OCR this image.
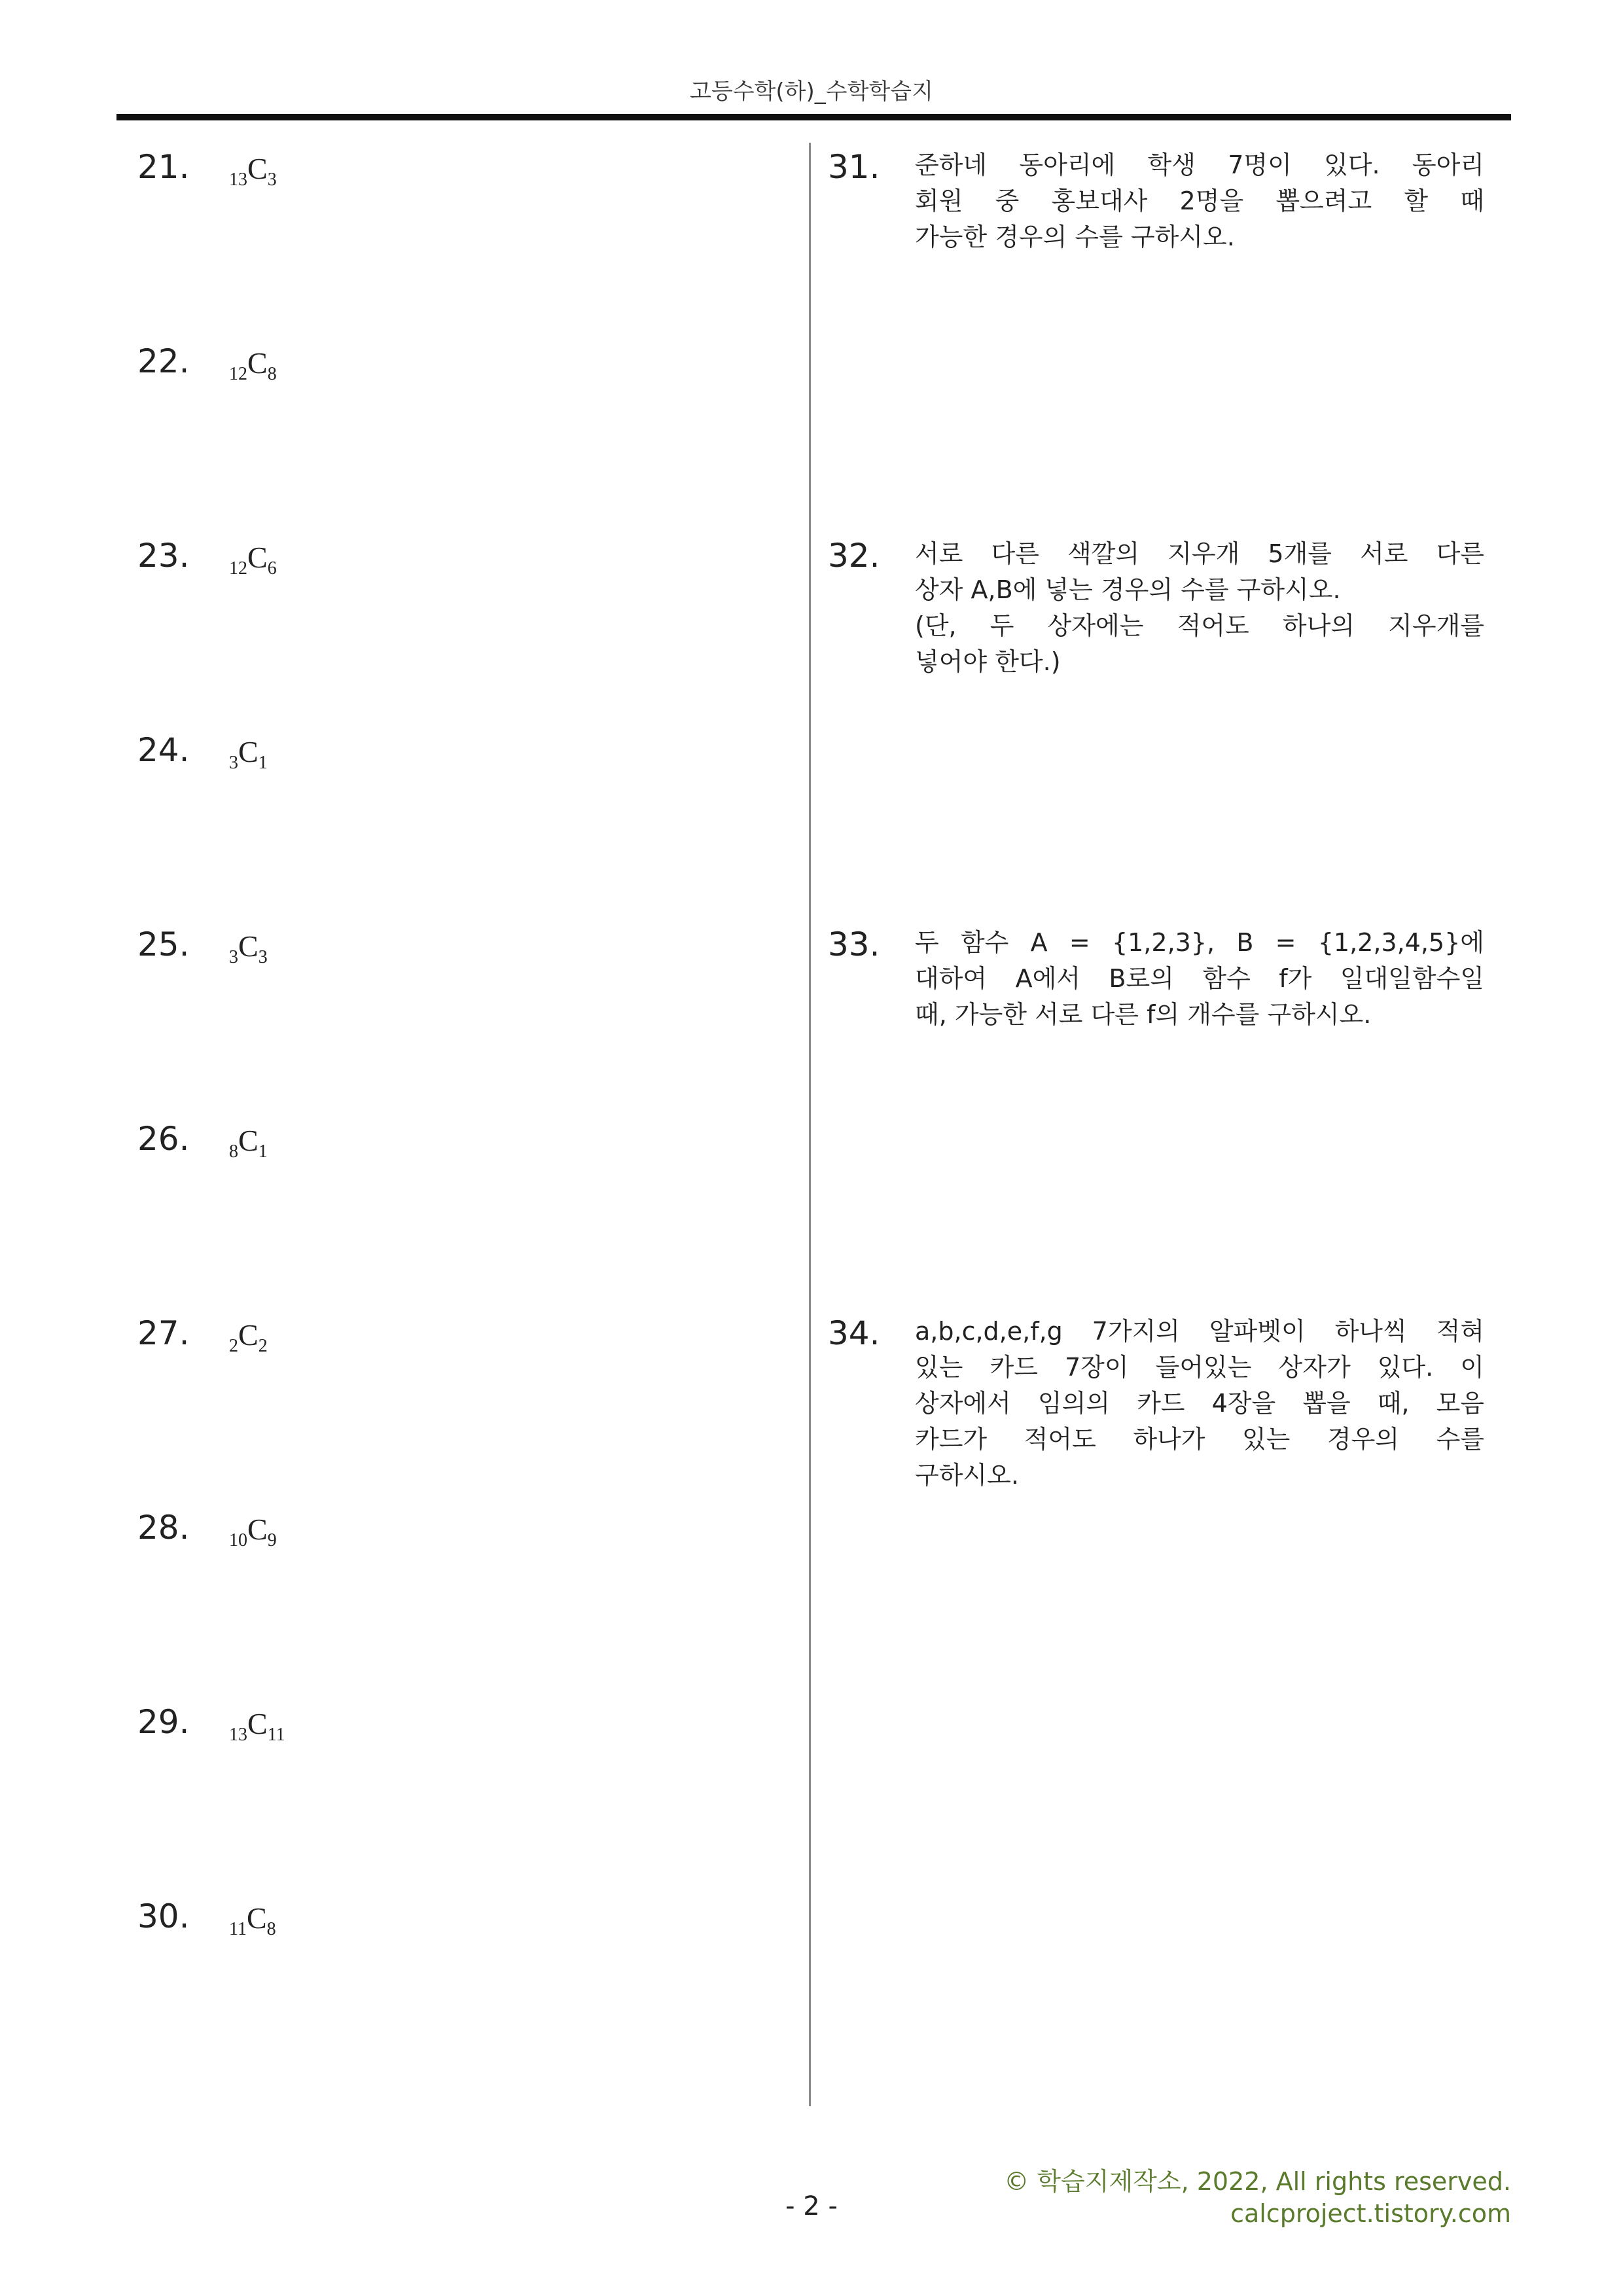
고등수학(하)_수학학습지
21. $_{13}C_3$
22. $_{12}C_8$
23. $_{12}C_6$
24. $_3C_1$
25. $_3C_3$
26. $_8C_1$
27. $_2C_2$
28. $_{10}C_9$
29. $_{13}C_{11}$
30. $_{11}C_8$
31. 준하네 동아리에 학생 7명이 있다. 동아리
회원 중 홍보대사 2명을 뽑으려고 할 때
가능한 경우의 수를 구하시오.
32. 서로 다른 색깔의 지우개 5개를 서로 다른
상자 A,B에 넣는 경우의 수를 구하시오.
(단, 두 상자에는 적어도 하나의 지우개를
넣어야 한다.)
33. 두 함수 A = {1,2,3}, B = {1,2,3,4,5}에
대하여 A에서 B로의 함수 f가 일대일함수일
때, 가능한 서로 다른 f의 개수를 구하시오.
34. a,b,c,d,e,f,g 7가지의 알파벳이 하나씩 적혀
있는 카드 7장이 들어있는 상자가 있다. 이
상자에서 임의의 카드 4장을 뽑을 때, 모음
카드가 적어도 하나가 있는 경우의 수를
구하시오.
© 학습지제작소, 2022, All rights reserved.
calcproject.tistory.com
- 2 -
